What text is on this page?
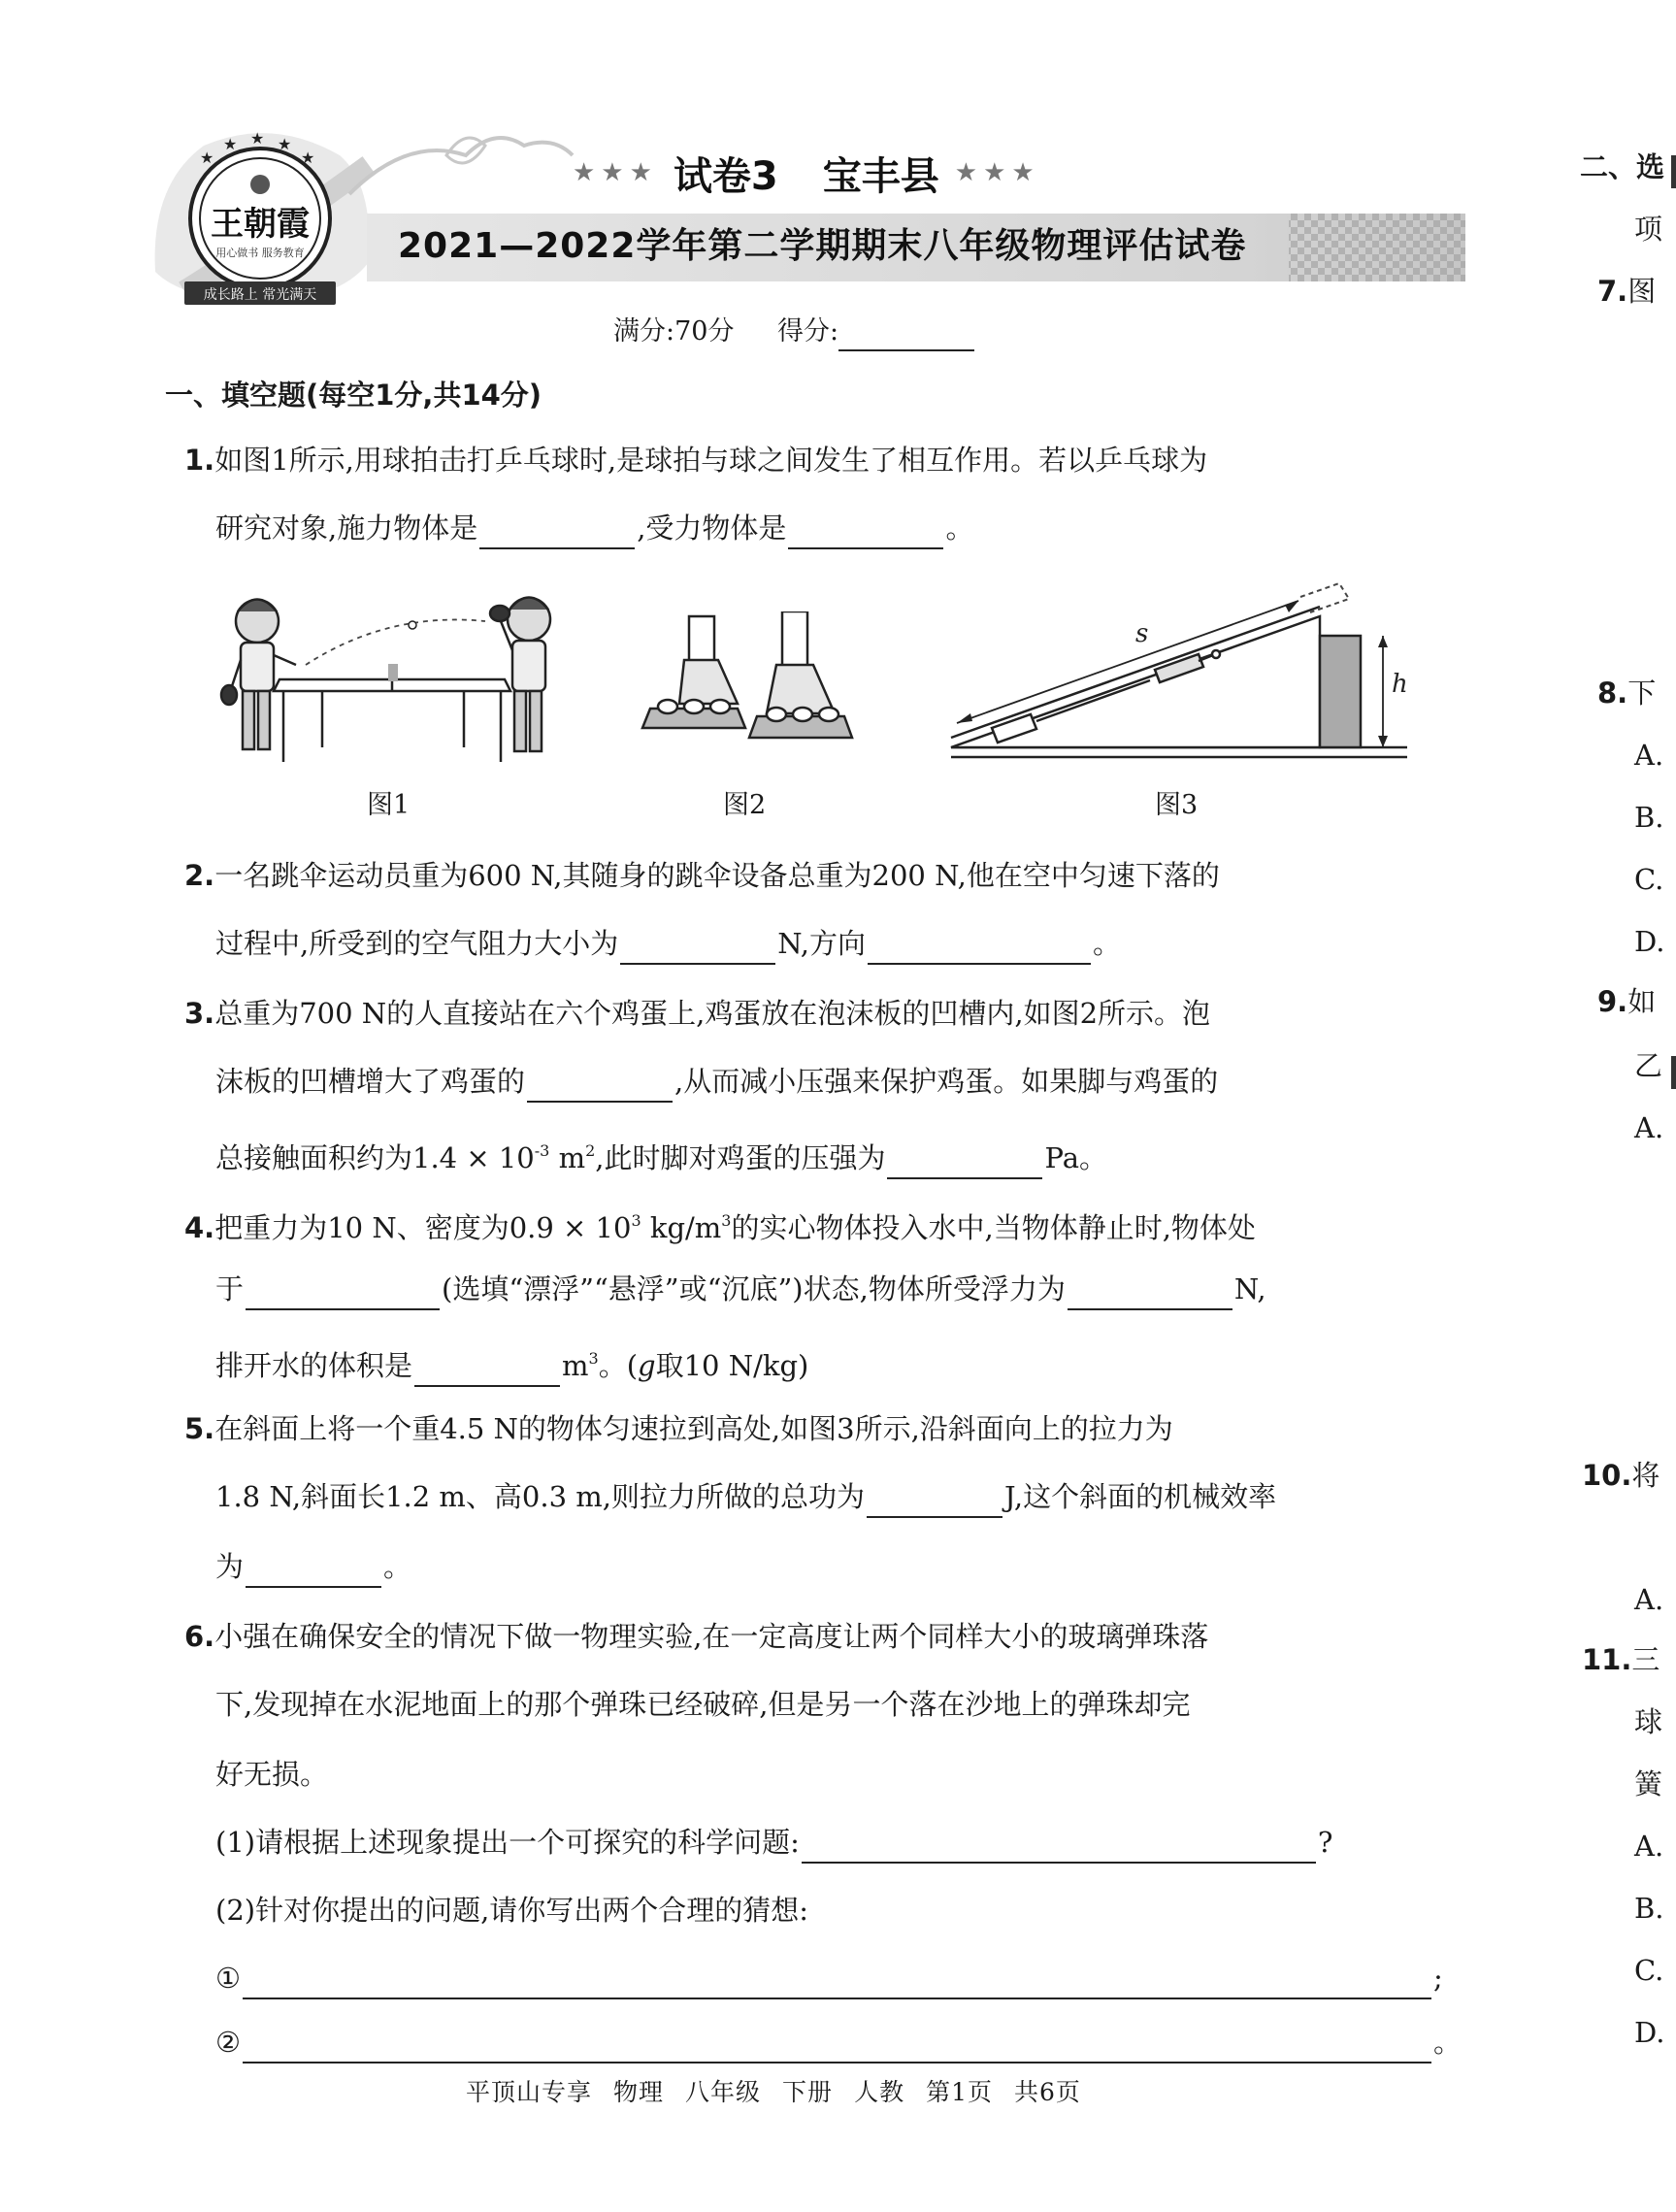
★
★ ★ ★
★
王朝霞
用心做书 服务教育
成长路上 常光满天
★★★ 试卷3 宝丰县 ★★★
2021—2022学年第二学期期末八年级物理评估试卷
满分:70分 得分:
一、填空题(每空1分,共14分)
1.如图1所示,用球拍击打乒乓球时,是球拍与球之间发生了相互作用。若以乒乓球为
研究对象,施力物体是	,受力物体是	。
s
h
图1	图2	图3
2.一名跳伞运动员重为600 N,其随身的跳伞设备总重为200 N,他在空中匀速下落的
过程中,所受到的空气阻力大小为	N,方向	。
3.总重为700 N的人直接站在六个鸡蛋上,鸡蛋放在泡沫板的凹槽内,如图2所示。泡
沫板的凹槽增大了鸡蛋的	,从而减小压强来保护鸡蛋。如果脚与鸡蛋的
总接触面积约为$1.4 \times 10^{-3}$ $m^2$,此时脚对鸡蛋的压强为	Pa。
4.把重力为10 N、密度为$0.9 \times 10^3$ $kg/m^3$的实心物体投入水中,当物体静止时,物体处
于	(选填“漂浮”“悬浮”或“沉底”)状态,物体所受浮力为	N,
排开水的体积是	$m^3$。(g取10 N/kg)
5.在斜面上将一个重4.5 N的物体匀速拉到高处,如图3所示,沿斜面向上的拉力为
1.8 N,斜面长1.2 m、高0.3 m,则拉力所做的总功为	J,这个斜面的机械效率
为	。
6.小强在确保安全的情况下做一物理实验,在一定高度让两个同样大小的玻璃弹珠落
下,发现掉在水泥地面上的那个弹珠已经破碎,但是另一个落在沙地上的弹珠却完
好无损。
(1)请根据上述现象提出一个可探究的科学问题:	?
(2)针对你提出的问题,请你写出两个合理的猜想:
①	;
②	。
二、选
项
7.图
8.下
A.
B.
C.
D.
9.如
乙
A.
10.将
A.
11.三
球
簧
A.
B.
C.
D.
平顶山专享 物理 八年级 下册 人教 第1页 共6页
